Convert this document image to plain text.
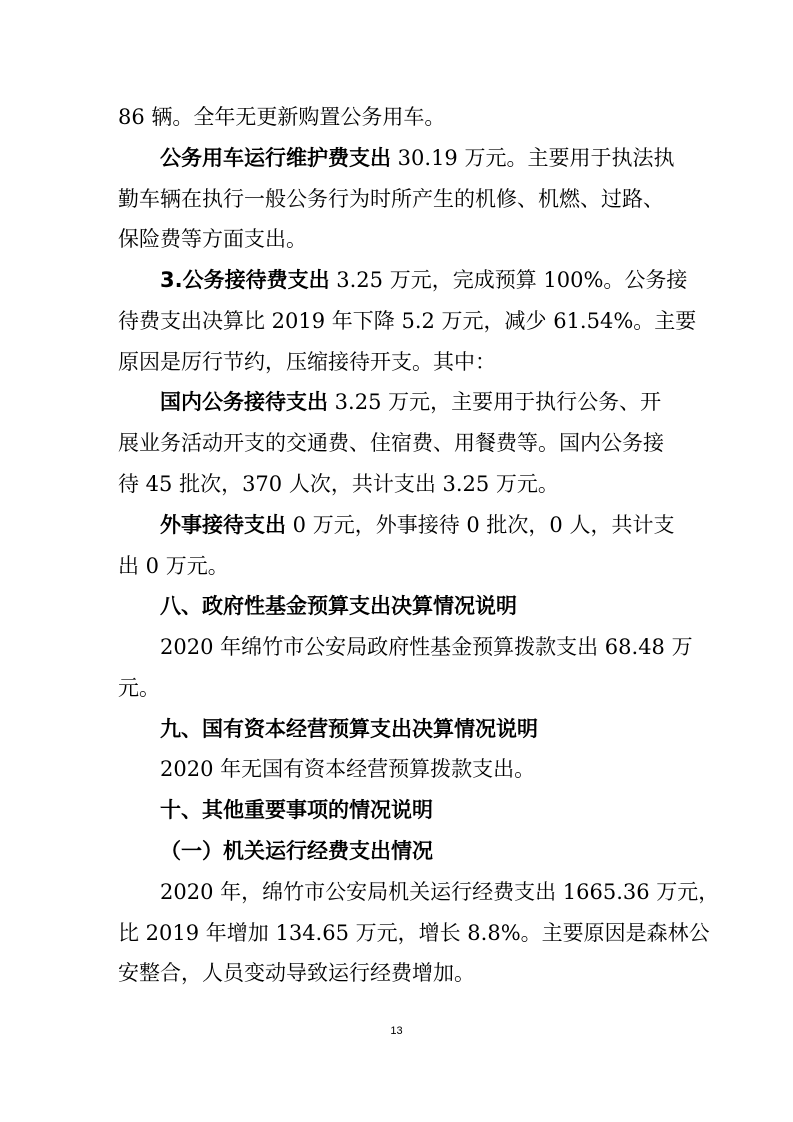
86 辆。全年无更新购置公务用车。
公务用车运行维护费支出 30.19 万元。主要用于执法执
勤车辆在执行一般公务行为时所产生的机修、机燃、过路、
保险费等方面支出。
3.公务接待费支出 3.25 万元，完成预算 100%。公务接
待费支出决算比 2019 年下降 5.2 万元，减少 61.54%。主要
原因是厉行节约，压缩接待开支。其中：
国内公务接待支出 3.25 万元，主要用于执行公务、开
展业务活动开支的交通费、住宿费、用餐费等。国内公务接
待 45 批次，370 人次，共计支出 3.25 万元。
外事接待支出 0 万元，外事接待 0 批次，0 人，共计支
出 0 万元。
八、政府性基金预算支出决算情况说明
2020 年绵竹市公安局政府性基金预算拨款支出 68.48 万
元。
九、国有资本经营预算支出决算情况说明
2020 年无国有资本经营预算拨款支出。
十、其他重要事项的情况说明
（一）机关运行经费支出情况
2020 年，绵竹市公安局机关运行经费支出 1665.36 万元，
比 2019 年增加 134.65 万元，增长 8.8%。主要原因是森林公
安整合，人员变动导致运行经费增加。
13
